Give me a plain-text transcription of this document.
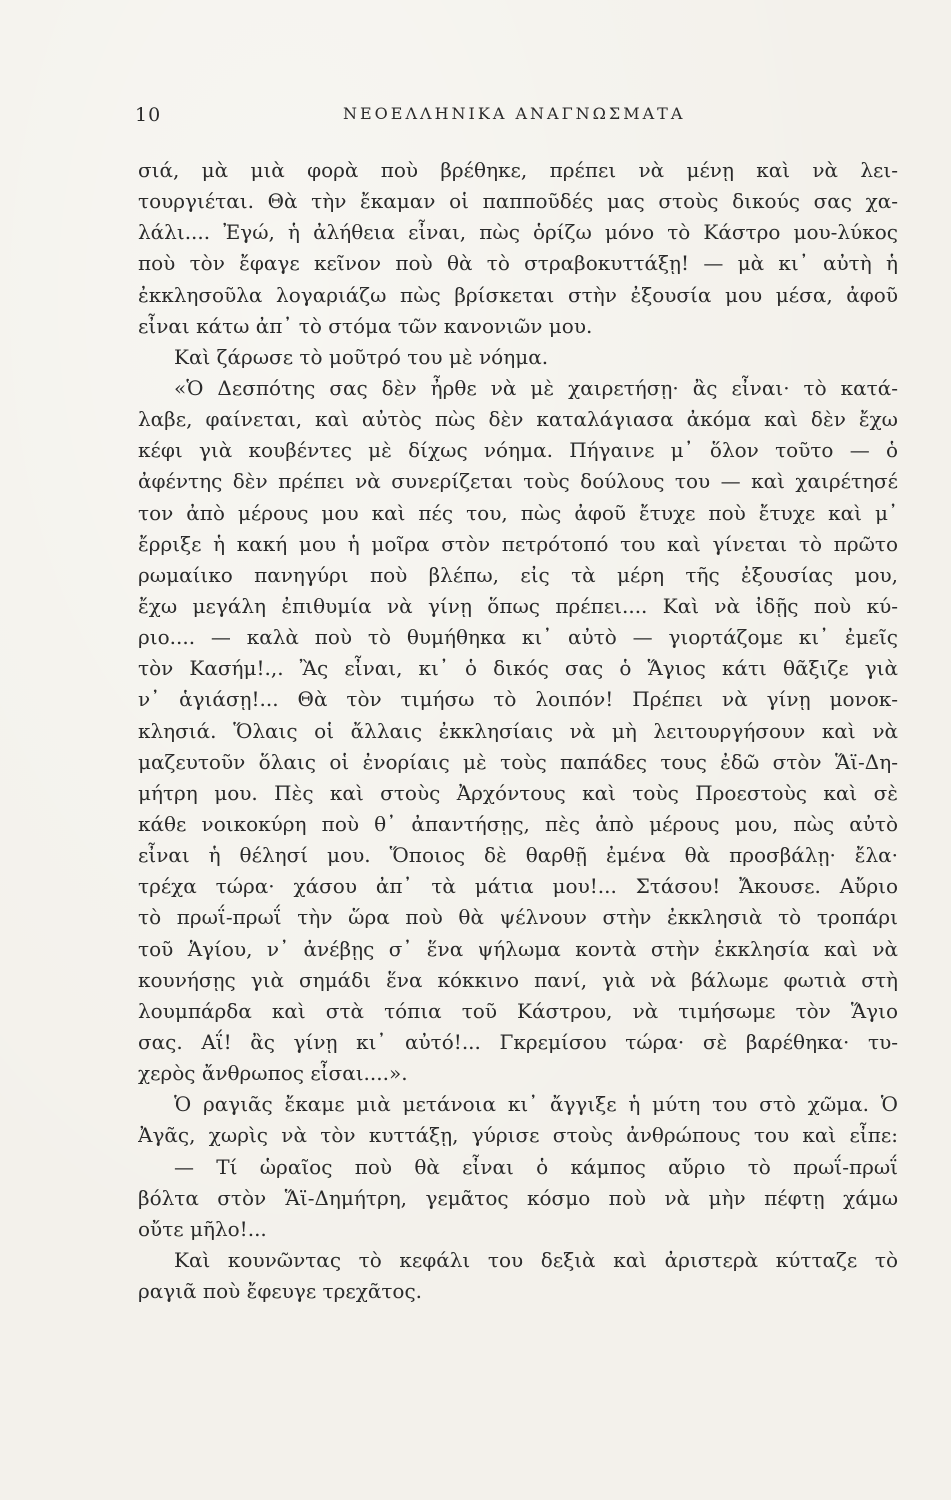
10	ΝΕΟΕΛΛΗΝΙΚΑ ΑΝΑΓΝΩΣΜΑΤΑ
σιά, μὰ μιὰ φορὰ ποὺ βρέθηκε, πρέπει νὰ μένῃ καὶ νὰ λει-
τουργιέται. Θὰ τὴν ἔκαμαν οἱ παπποῦδές μας στοὺς δικούς σας χα-
λάλι.... Ἐγώ, ἡ ἀλήθεια εἶναι, πὼς ὁρίζω μόνο τὸ Κάστρο μου-λύκος
ποὺ τὸν ἔφαγε κεῖνον ποὺ θὰ τὸ στραβοκυττάξῃ! — μὰ κι᾿ αὐτὴ ἡ
ἐκκλησοῦλα λογαριάζω πὼς βρίσκεται στὴν ἐξουσία μου μέσα, ἀφοῦ
εἶναι κάτω ἀπ᾿ τὸ στόμα τῶν κανονιῶν μου.
Καὶ ζάρωσε τὸ μοῦτρό του μὲ νόημα.
«Ὁ Δεσπότης σας δὲν ἦρθε νὰ μὲ χαιρετήσῃ· ἂς εἶναι· τὸ κατά-
λαβε, φαίνεται, καὶ αὐτὸς πὼς δὲν καταλάγιασα ἀκόμα καὶ δὲν ἔχω
κέφι γιὰ κουβέντες μὲ δίχως νόημα. Πήγαινε μ᾿ ὅλον τοῦτο — ὁ
ἀφέντης δὲν πρέπει νὰ συνερίζεται τοὺς δούλους του — καὶ χαιρέτησέ
τον ἀπὸ μέρους μου καὶ πές του, πὼς ἀφοῦ ἔτυχε ποὺ ἔτυχε καὶ μ᾿
ἔρριξε ἡ κακή μου ἡ μοῖρα στὸν πετρότοπό του καὶ γίνεται τὸ πρῶτο
ρωμαίικο πανηγύρι ποὺ βλέπω, εἰς τὰ μέρη τῆς ἐξουσίας μου,
ἔχω μεγάλη ἐπιθυμία νὰ γίνῃ ὅπως πρέπει.... Καὶ νὰ ἰδῇς ποὺ κύ-
ριο.... — καλὰ ποὺ τὸ θυμήθηκα κι᾿ αὐτὸ — γιορτάζομε κι᾿ ἐμεῖς
τὸν Κασήμ!.,. Ἂς εἶναι, κι᾿ ὁ δικός σας ὁ Ἅγιος κάτι θᾶξιζε γιὰ
ν᾿ ἁγιάσῃ!... Θὰ τὸν τιμήσω τὸ λοιπόν! Πρέπει νὰ γίνῃ μονοκ-
κλησιά. Ὅλαις οἱ ἄλλαις ἐκκλησίαις νὰ μὴ λειτουργήσουν καὶ νὰ
μαζευτοῦν ὅλαις οἱ ἐνορίαις μὲ τοὺς παπάδες τους ἐδῶ στὸν Ἅϊ-Δη-
μήτρη μου. Πὲς καὶ στοὺς Ἀρχόντους καὶ τοὺς Προεστοὺς καὶ σὲ
κάθε νοικοκύρη ποὺ θ᾿ ἀπαντήσῃς, πὲς ἀπὸ μέρους μου, πὼς αὐτὸ
εἶναι ἡ θέλησί μου. Ὅποιος δὲ θαρθῇ ἐμένα θὰ προσβάλῃ· ἔλα·
τρέχα τώρα· χάσου ἀπ᾿ τὰ μάτια μου!... Στάσου! Ἄκουσε. Αὔριο
τὸ πρωΐ-πρωΐ τὴν ὥρα ποὺ θὰ ψέλνουν στὴν ἐκκλησιὰ τὸ τροπάρι
τοῦ Ἁγίου, ν᾿ ἀνέβῃς σ᾿ ἕνα ψήλωμα κοντὰ στὴν ἐκκλησία καὶ νὰ
κουνήσῃς γιὰ σημάδι ἕνα κόκκινο πανί, γιὰ νὰ βάλωμε φωτιὰ στὴ
λουμπάρδα καὶ στὰ τόπια τοῦ Κάστρου, νὰ τιμήσωμε τὸν Ἅγιο
σας. Αΐ! ἂς γίνῃ κι᾿ αὐτό!... Γκρεμίσου τώρα· σὲ βαρέθηκα· τυ-
χερὸς ἄνθρωπος εἶσαι....».
Ὁ ραγιᾶς ἔκαμε μιὰ μετάνοια κι᾿ ἄγγιξε ἡ μύτη του στὸ χῶμα. Ὁ
Ἀγᾶς, χωρὶς νὰ τὸν κυττάξῃ, γύρισε στοὺς ἀνθρώπους του καὶ εἶπε:
— Τί ὡραῖος ποὺ θὰ εἶναι ὁ κάμπος αὔριο τὸ πρωΐ-πρωΐ
βόλτα στὸν Ἅϊ-Δημήτρη, γεμᾶτος κόσμο ποὺ νὰ μὴν πέφτῃ χάμω
οὔτε μῆλο!...
Καὶ κουνῶντας τὸ κεφάλι του δεξιὰ καὶ ἀριστερὰ κύτταζε τὸ
ραγιᾶ ποὺ ἔφευγε τρεχᾶτος.
